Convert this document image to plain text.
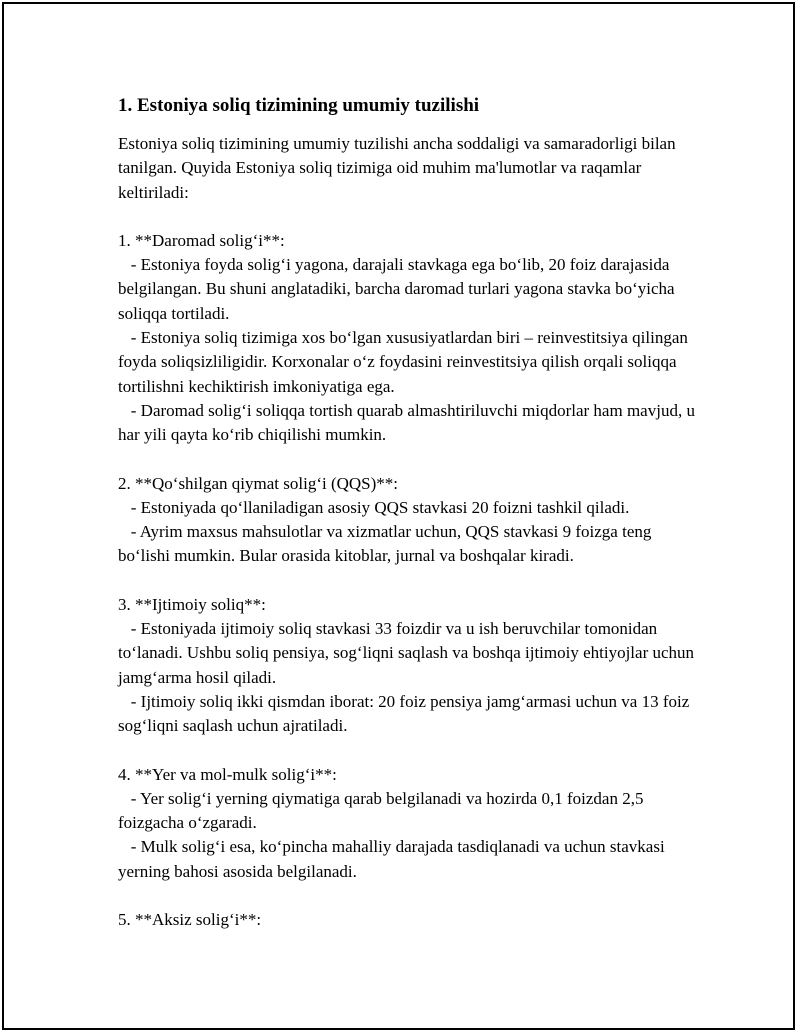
1. Estoniya soliq tizimining umumiy tuzilishi

Estoniya soliq tizimining umumiy tuzilishi ancha soddaligi va samaradorligi bilan tanilgan. Quyida Estoniya soliq tizimiga oid muhim ma'lumotlar va raqamlar keltiriladi:

1. **Daromad solig‘i**:

- Estoniya foyda solig‘i yagona, darajali stavkaga ega bo‘lib, 20 foiz darajasida belgilangan. Bu shuni anglatadiki, barcha daromad turlari yagona stavka bo‘yicha soliqqa tortiladi.

- Estoniya soliq tizimiga xos bo‘lgan xususiyatlardan biri – reinvestitsiya qilingan foyda soliqsizliligidir. Korxonalar o‘z foydasini reinvestitsiya qilish orqali soliqqa tortilishni kechiktirish imkoniyatiga ega.

- Daromad solig‘i soliqqa tortish quarab almashtiriluvchi miqdorlar ham mavjud, u har yili qayta ko‘rib chiqilishi mumkin.

2. **Qo‘shilgan qiymat solig‘i (QQS)**:

- Estoniyada qo‘llaniladigan asosiy QQS stavkasi 20 foizni tashkil qiladi.

- Ayrim maxsus mahsulotlar va xizmatlar uchun, QQS stavkasi 9 foizga teng bo‘lishi mumkin. Bular orasida kitoblar, jurnal va boshqalar kiradi.

3. **Ijtimoiy soliq**:

- Estoniyada ijtimoiy soliq stavkasi 33 foizdir va u ish beruvchilar tomonidan to‘lanadi. Ushbu soliq pensiya, sog‘liqni saqlash va boshqa ijtimoiy ehtiyojlar uchun jamg‘arma hosil qiladi.

- Ijtimoiy soliq ikki qismdan iborat: 20 foiz pensiya jamg‘armasi uchun va 13 foiz sog‘liqni saqlash uchun ajratiladi.

4. **Yer va mol-mulk solig‘i**:

- Yer solig‘i yerning qiymatiga qarab belgilanadi va hozirda 0,1 foizdan 2,5 foizgacha o‘zgaradi.

- Mulk solig‘i esa, ko‘pincha mahalliy darajada tasdiqlanadi va uchun stavkasi yerning bahosi asosida belgilanadi.

5. **Aksiz solig‘i**:
